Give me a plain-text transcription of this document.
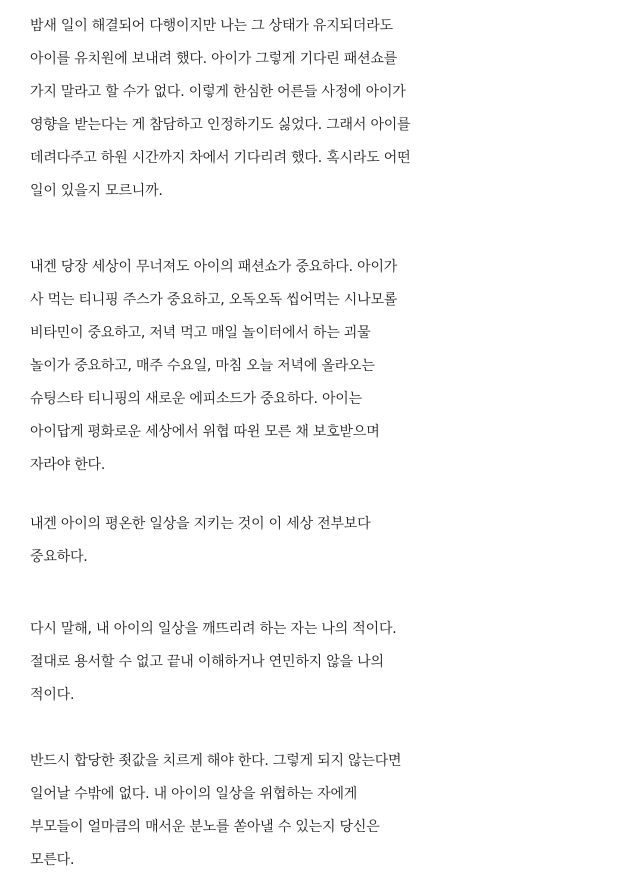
밤새 일이 해결되어 다행이지만 나는 그 상태가 유지되더라도
아이를 유치원에 보내려 했다. 아이가 그렇게 기다린 패션쇼를
가지 말라고 할 수가 없다. 이렇게 한심한 어른들 사정에 아이가
영향을 받는다는 게 참담하고 인정하기도 싫었다. 그래서 아이를
데려다주고 하원 시간까지 차에서 기다리려 했다. 혹시라도 어떤
일이 있을지 모르니까.
내겐 당장 세상이 무너져도 아이의 패션쇼가 중요하다. 아이가
사 먹는 티니핑 주스가 중요하고, 오독오독 씹어먹는 시나모롤
비타민이 중요하고, 저녁 먹고 매일 놀이터에서 하는 괴물
놀이가 중요하고, 매주 수요일, 마침 오늘 저녁에 올라오는
슈팅스타 티니핑의 새로운 에피소드가 중요하다. 아이는
아이답게 평화로운 세상에서 위협 따윈 모른 채 보호받으며
자라야 한다.
내겐 아이의 평온한 일상을 지키는 것이 이 세상 전부보다
중요하다.
다시 말해, 내 아이의 일상을 깨뜨리려 하는 자는 나의 적이다.
절대로 용서할 수 없고 끝내 이해하거나 연민하지 않을 나의
적이다.
반드시 합당한 죗값을 치르게 해야 한다. 그렇게 되지 않는다면
일어날 수밖에 없다. 내 아이의 일상을 위협하는 자에게
부모들이 얼마큼의 매서운 분노를 쏟아낼 수 있는지 당신은
모른다.
